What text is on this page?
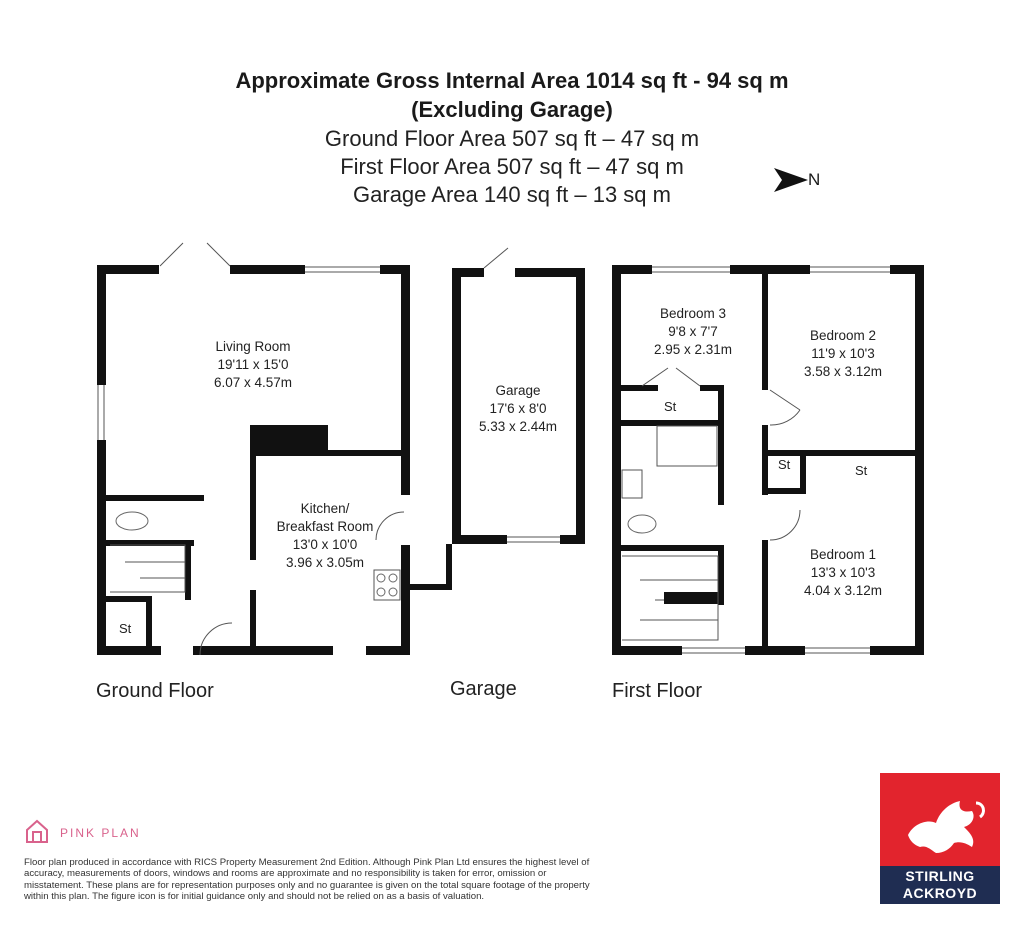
Approximate Gross Internal Area 1014 sq ft - 94 sq m
(Excluding Garage)
Ground Floor Area 507 sq ft – 47 sq m
First Floor Area 507 sq ft – 47 sq m
Garage Area 140 sq ft – 13 sq m
N
Living Room
19'11 x 15'0
6.07 x 4.57m
Kitchen/
Breakfast Room
13'0 x 10'0
3.96 x 3.05m
Garage
17'6 x 8'0
5.33 x 2.44m
Bedroom 3
9'8 x 7'7
2.95 x 2.31m
Bedroom 2
11'9 x 10'3
3.58 x 3.12m
Bedroom 1
13'3 x 10'3
4.04 x 3.12m
St
St
St	St
Ground Floor	Garage	First Floor
PINK PLAN
Floor plan produced in accordance with RICS Property Measurement 2nd Edition. Although Pink Plan Ltd ensures the highest level of accuracy, measurements of doors, windows and rooms are approximate and no responsibility is taken for error, omission or misstatement. These plans are for representation purposes only and no guarantee is given on the total square footage of the property within this plan. The figure icon is for initial guidance only and should not be relied on as a basis of valuation.
STIRLING
ACKROYD
